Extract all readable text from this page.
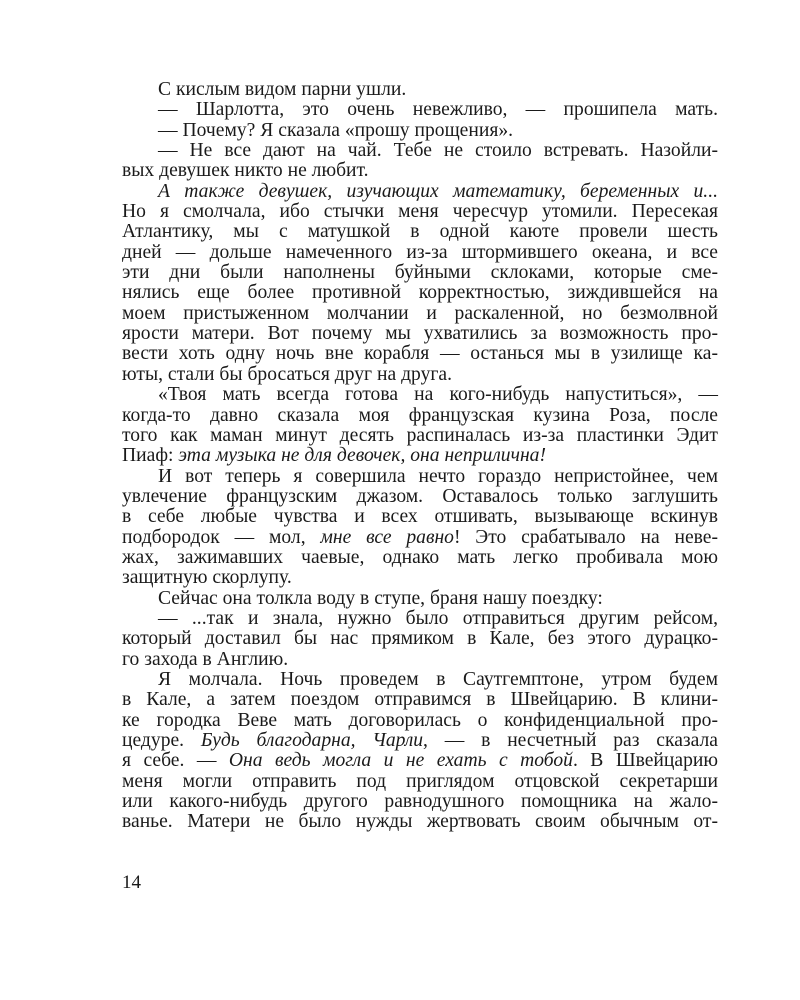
С кислым видом парни ушли.
— Шарлотта, это очень невежливо, — прошипела мать.
— Почему? Я сказала «прошу прощения».
— Не все дают на чай. Тебе не стоило встревать. Назойли-
вых девушек никто не любит.
А также девушек, изучающих математику, беременных и...
Но я смолчала, ибо стычки меня чересчур утомили. Пересекая
Атлантику, мы с матушкой в одной каюте провели шесть
дней — дольше намеченного из-за штормившего океана, и все
эти дни были наполнены буйными склоками, которые сме-
нялись еще более противной корректностью, зиждившейся на
моем пристыженном молчании и раскаленной, но безмолвной
ярости матери. Вот почему мы ухватились за возможность про-
вести хоть одну ночь вне корабля — останься мы в узилище ка-
юты, стали бы бросаться друг на друга.
«Твоя мать всегда готова на кого-нибудь напуститься», —
когда-то давно сказала моя французская кузина Роза, после
того как маман минут десять распиналась из-за пластинки Эдит
Пиаф: эта музыка не для девочек, она неприлична!
И вот теперь я совершила нечто гораздо непристойнее, чем
увлечение французским джазом. Оставалось только заглушить
в себе любые чувства и всех отшивать, вызывающе вскинув
подбородок — мол, мне все равно! Это срабатывало на неве-
жах, зажимавших чаевые, однако мать легко пробивала мою
защитную скорлупу.
Сейчас она толкла воду в ступе, браня нашу поездку:
— ...так и знала, нужно было отправиться другим рейсом,
который доставил бы нас прямиком в Кале, без этого дурацко-
го захода в Англию.
Я молчала. Ночь проведем в Саутгемптоне, утром будем
в Кале, а затем поездом отправимся в Швейцарию. В клини-
ке городка Веве мать договорилась о конфиденциальной про-
цедуре. Будь благодарна, Чарли, — в несчетный раз сказала
я себе. — Она ведь могла и не ехать с тобой. В Швейцарию
меня могли отправить под приглядом отцовской секретарши
или какого-нибудь другого равнодушного помощника на жало-
ванье. Матери не было нужды жертвовать своим обычным от-
14
